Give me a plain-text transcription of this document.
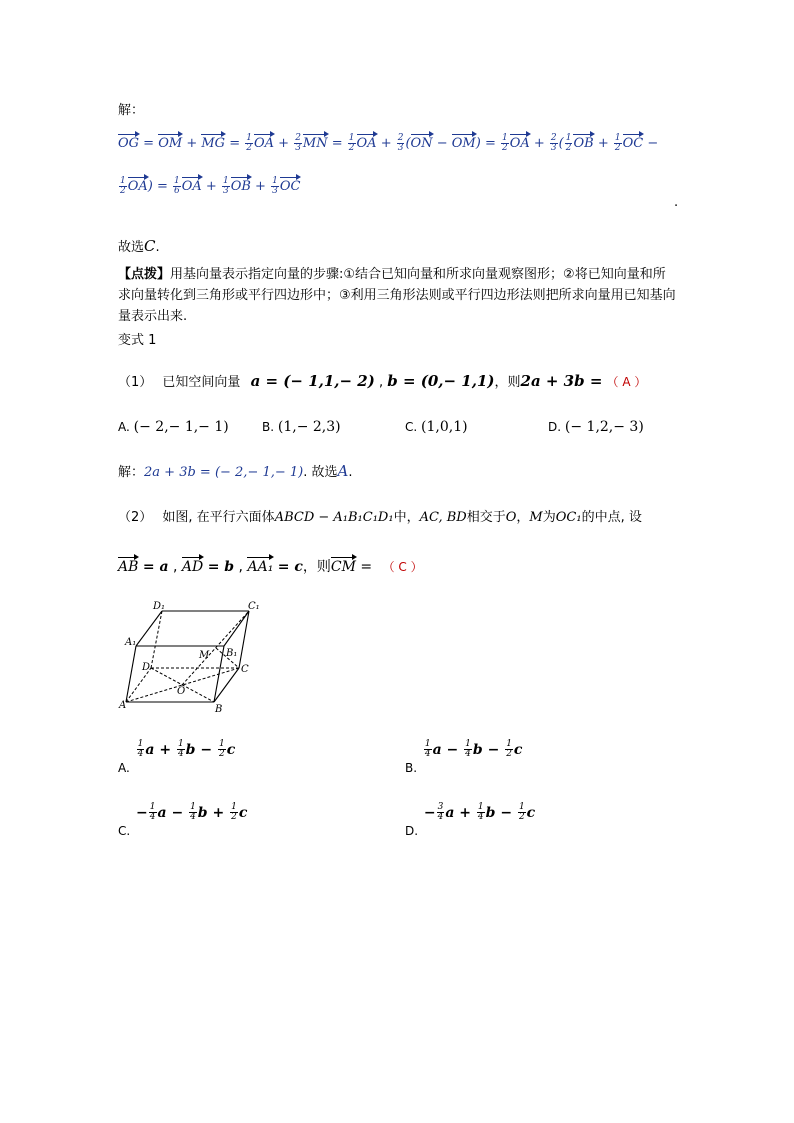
解：
OG = OM + MG = $\frac{1}{2}$ OA + $\frac{2}{3}$ MN = $\frac{1}{2}$ OA + $\frac{2}{3} (ON - OM) = \frac{1}{2}$ OA + $\frac{2}{3}$ ( $\frac{1}{2}$ OB + $\frac{1}{2}$ OC −
$\frac{1}{2} OA) = \frac{1}{6}$ OA + $\frac{1}{3}$ OB + $\frac{1}{3}$ OC
.
故选C.
【点拨】用基向量表示指定向量的步骤:①结合已知向量和所求向量观察图形；②将已知向量和所求向量转化到三角形或平行四边形中；③利用三角形法则或平行四边形法则把所求向量用已知基向量表示出来.
变式 1
（1） 已知空间向量 a = (− 1,1,− 2) , b = (0,− 1,1)，则2a + 3b = （ A ）
A. (− 2,− 1,− 1)	B. (1,− 2,3)	C. (1,0,1)	D. (− 1,2,− 3)
解：2a + 3b = (− 2,− 1,− 1). 故选A.
（2） 如图, 在平行六面体ABCD − A₁B₁C₁D₁中，AC, BD相交于O，M为OC₁的中点, 设
AB = a , AD = b , AA₁ = c，则CM = （ C ）
D₁	C₁
A₁
D
M B₁
C
O
A	B
A.
$\frac{1}{4}$ $a + \frac{1}{4}$ $b - \frac{1}{2}$ c
B.
$\frac{1}{4}$ $a - \frac{1}{4}$ $b - \frac{1}{2}$ c
C. − $\frac{1}{4}$ $a - \frac{1}{4}$ $b + \frac{1}{2}$ c
D. − $\frac{3}{4}$ $a + \frac{1}{4}$ $b - \frac{1}{2}$ c
